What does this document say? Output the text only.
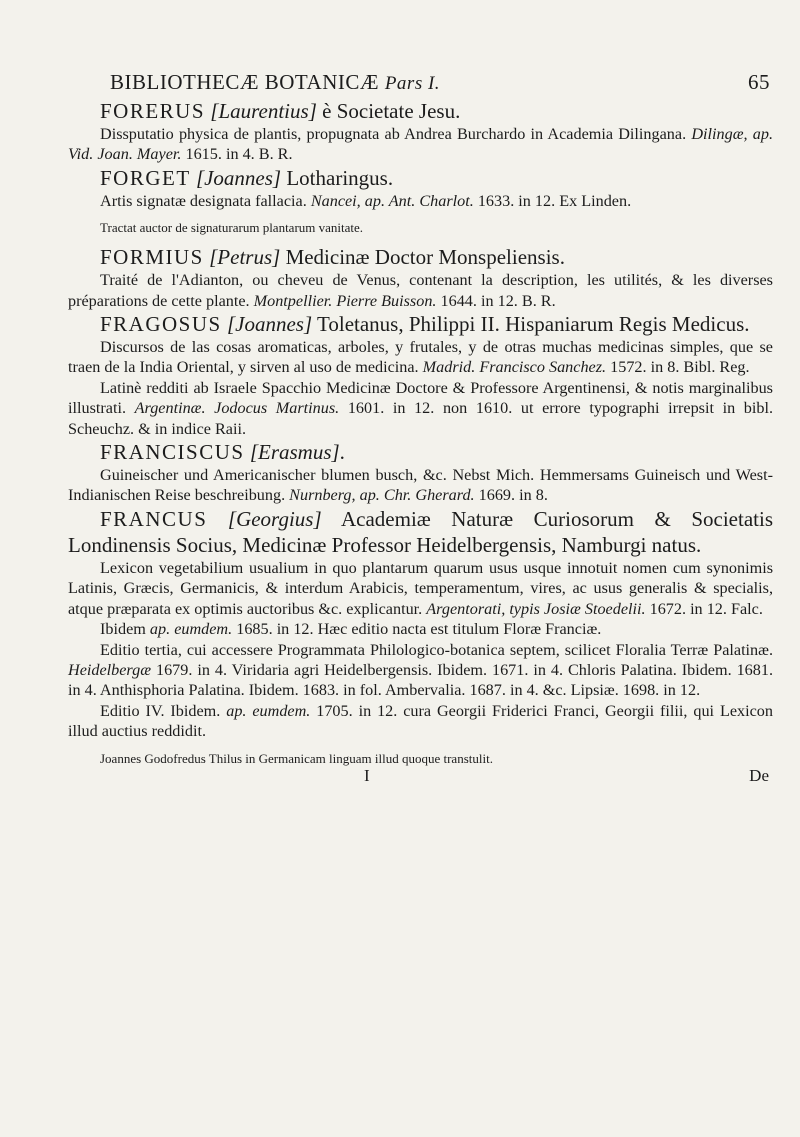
BIBLIOTHECÆ BOTANICÆ Pars I.	65

FORERUS [Laurentius] è Societate Jesu.

Dissputatio physica de plantis, propugnata ab Andrea Burchardo in Academia Dilingana. Dilingæ, ap. Vid. Joan. Mayer. 1615. in 4. B. R.

FORGET [Joannes] Lotharingus.

Artis signatæ designata fallacia. Nancei, ap. Ant. Charlot. 1633. in 12. Ex Linden.

Tractat auctor de signaturarum plantarum vanitate.

FORMIUS [Petrus] Medicinæ Doctor Monspeliensis.

Traité de l'Adianton, ou cheveu de Venus, contenant la description, les utilités, & les diverses préparations de cette plante. Montpellier. Pierre Buisson. 1644. in 12. B. R.

FRAGOSUS [Joannes] Toletanus, Philippi II. Hispaniarum Regis Medicus.

Discursos de las cosas aromaticas, arboles, y frutales, y de otras muchas medicinas simples, que se traen de la India Oriental, y sirven al uso de medicina. Madrid. Francisco Sanchez. 1572. in 8. Bibl. Reg.

Latinè redditi ab Israele Spacchio Medicinæ Doctore & Professore Argentinensi, & notis marginalibus illustrati. Argentinæ. Jodocus Martinus. 1601. in 12. non 1610. ut errore typographi irrepsit in bibl. Scheuchz. & in indice Raii.

FRANCISCUS [Erasmus].

Guineischer und Americanischer blumen busch, &c. Nebst Mich. Hemmersams Guineisch und West-Indianischen Reise beschreibung. Nurnberg, ap. Chr. Gherard. 1669. in 8.

FRANCUS [Georgius] Academiæ Naturæ Curiosorum & Societatis Londinensis Socius, Medicinæ Professor Heidelbergensis, Namburgi natus.

Lexicon vegetabilium usualium in quo plantarum quarum usus usque innotuit nomen cum synonimis Latinis, Græcis, Germanicis, & interdum Arabicis, temperamentum, vires, ac usus generalis & specialis, atque præparata ex optimis auctoribus &c. explicantur. Argentorati, typis Josiæ Stoedelii. 1672. in 12. Falc.

Ibidem ap. eumdem. 1685. in 12. Hæc editio nacta est titulum Floræ Franciæ.

Editio tertia, cui accessere Programmata Philologico-botanica septem, scilicet Floralia Terræ Palatinæ. Heidelbergæ 1679. in 4. Viridaria agri Heidelbergensis. Ibidem. 1671. in 4. Chloris Palatina. Ibidem. 1681. in 4. Anthisphoria Palatina. Ibidem. 1683. in fol. Ambervalia. 1687. in 4. &c. Lipsiæ. 1698. in 12.

Editio IV. Ibidem. ap. eumdem. 1705. in 12. cura Georgii Friderici Franci, Georgii filii, qui Lexicon illud auctius reddidit.

Joannes Godofredus Thilus in Germanicam linguam illud quoque transtulit.

I	De
